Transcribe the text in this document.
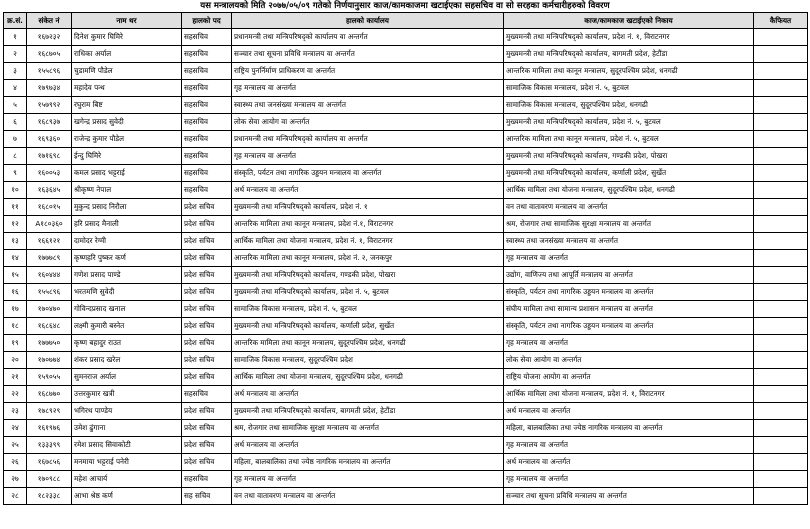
यस मन्त्रालयको मिति २०७७/०५/०९ गतेको निर्णयानुसार काज/कामकाजमा खटाईएका सहसचिव वा सो सरहका कर्मचारीहरुको विवरण
क्र.सं.	संकेत नं	नाम थर	हालको पद	हालको कार्यालय	काज/कामकाज खटाईएको निकाय	कैफियत
१	१६७२३२	दिनेश कुमार घिमिरे	सहसचिव	प्रधानमन्त्री तथा मन्त्रिपरिषद्को कार्यालय वा अन्तर्गत	मुख्यमन्त्री तथा मन्त्रिपरिषद्को कार्यालय, प्रदेश नं. १, विराटनगर	
२	१६८७०५	राधिका अर्याल	सहसचिव	सञ्चार तथा सूचना प्रविधि मन्त्रालय वा अन्तर्गत	मुख्यमन्त्री तथा मन्त्रिपरिषद्को कार्यालय, बागमती प्रदेश, हेटौंडा	
३	१५५८९६	चुडामणि पौडेल	सहसचिव	राष्ट्रिय पुनर्निर्माण प्राधिकरण वा अन्तर्गत	आन्तरिक मामिला तथा कानून मन्त्रालय, सुदूरपश्चिम प्रदेश, धनगढी	
४	१७९७३४	महादेव पन्थ	सहसचिव	गृह मन्त्रालय वा अन्तर्गत	सामाजिक विकास मन्त्रालय, प्रदेश नं. ५, बुटवल	
५	१५७९९२	रघुराम बिष्ट	सहसचिव	स्वास्थ्य तथा जनसंख्या मन्त्रालय वा अन्तर्गत	सामाजिक विकास मन्त्रालय, सुदूरपश्चिम प्रदेश, धनगढी	
६	१६८९३७	खगेन्द्र प्रसाद सुवेदी	सहसचिव	लोक सेवा आयोग वा अन्तर्गत	मुख्यमन्त्री तथा मन्त्रिपरिषद्को कार्यालय, प्रदेश नं. ५, बुटवल	
७	१६९३६०	राजेन्द्र कुमार पौडेल	सहसचिव	प्रधानमन्त्री तथा मन्त्रिपरिषद्को कार्यालय वा अन्तर्गत	आन्तरिक मामिला तथा कानून मन्त्रालय, प्रदेश नं. ५, बुटवल	
८	१७१६९८	ईन्दु घिमिरे	सहसचिव	गृह मन्त्रालय वा अन्तर्गत	मुख्यमन्त्री तथा मन्त्रिपरिषद्को कार्यालय, गण्डकी प्रदेश, पोखरा	
९	१६००५३	कमल प्रसाद भट्टराई	सहसचिव	संस्कृति, पर्यटन तथा नागरिक उड्डयन मन्त्रालय वा अन्तर्गत	मुख्यमन्त्री तथा मन्त्रिपरिषद्को कार्यालय, कर्णाली प्रदेश, सुर्खेत	
१०	१६३६४५	श्रीकृष्ण नेपाल	सहसचिव	अर्थ मन्त्रालय वा अन्तर्गत	आर्थिक मामिला तथा योजना मन्त्रालय, सुदूरपश्चिम प्रदेश, धनगढी	
११	१६८०१५	मुकुन्द प्रसाद निरौला	प्रदेश सचिव	मुख्यमन्त्री तथा मन्त्रिपरिषद्को कार्यालय, प्रदेश नं. १	वन तथा वातावरण मन्त्रालय वा अन्तर्गत	
१२	A१८०३६०	हरि प्रसाद मैनाली	प्रदेश सचिव	आन्तरिक मामिला तथा कानून मन्त्रालय, प्रदेश नं.१, विराटनगर	श्रम, रोजगार तथा सामाजिक सुरक्षा मन्त्रालय वा अन्तर्गत	
१३	१६६१२१	दामोदर रेग्मी	प्रदेश सचिव	आर्थिक मामिला तथा योजना मन्त्रालय, प्रदेश नं. १, विराटनगर	स्वास्थ्य तथा जनसंख्या मन्त्रालय वा अन्तर्गत	
१४	१७७७८९	कृष्णहरि पुष्कर कर्ण	प्रदेश सचिव	आन्तरिक मामिला तथा कानून मन्त्रालय, प्रदेश नं. २, जनकपुर	गृह मन्त्रालय वा अन्तर्गत	
१५	१६०४४४	गणेश प्रसाद पाण्डे	प्रदेश सचिव	मुख्यमन्त्री तथा मन्त्रिपरिषद्को कार्यालय, गण्डकी प्रदेश, पोखरा	उद्योग, वाणिज्य तथा आपूर्ति मन्त्रालय वा अन्तर्गत	
१६	१५५८९६	भरतमणि सुवेदी	प्रदेश सचिव	मुख्यमन्त्री तथा मन्त्रिपरिषद्को कार्यालय, प्रदेश नं. ५, बुटवल	संस्कृति, पर्यटन तथा नागरिक उड्डयन मन्त्रालय वा अन्तर्गत	
१७	१७०४७०	गोविन्दप्रसाद खनाल	प्रदेश सचिव	सामाजिक विकास मन्त्रालय, प्रदेश नं. ५, बुटवल	संघीय मामिला तथा सामान्य प्रशासन मन्त्रालय वा अन्तर्गत	
१८	१६८६४८	लक्ष्मी कुमारी बस्नेत	प्रदेश सचिव	मुख्यमन्त्री तथा मन्त्रिपरिषद्को कार्यालय, कर्णाली प्रदेश, सुर्खेत	संस्कृति, पर्यटन तथा नागरिक उड्डयन मन्त्रालय वा अन्तर्गत	
१९	१७७७५०	कृष्ण बहादुर राउत	प्रदेश सचिव	आन्तरिक मामिला तथा कानून मन्त्रालय, सुदूरपश्चिम प्रदेश, धनगढी	गृह मन्त्रालय वा अन्तर्गत	
२०	१७०७७४	शंकर प्रसाद खरेल	प्रदेश सचिव	सामाजिक विकास मन्त्रालय, सुदूरपश्चिम प्रदेश	लोक सेवा आयोग वा अन्तर्गत	
२१	१५९०५५	सुमनराज अर्याल	प्रदेश सचिव	आर्थिक मामिला तथा योजना मन्त्रालय, सुदूरपश्चिम प्रदेश, धनगढी	राष्ट्रिय योजना आयोग वा अन्तर्गत	
२२	१६८७७०	उत्तरकुमार खत्री	सहसचिव	अर्थ मन्त्रालय वा अन्तर्गत	आर्थिक मामिला तथा योजना मन्त्रालय, प्रदेश नं. १, विराटनगर	
२३	१७८९२९	भगिरथ पाण्डेय	प्रदेश सचिव	मुख्यमन्त्री तथा मन्त्रिपरिषद्को कार्यालय, बागमती प्रदेश, हेटौंडा	अर्थ मन्त्रालय वा अन्तर्गत	
२४	१६१९७६	उमेश ढुंगाना	प्रदेश सचिव	श्रम, रोजगार तथा सामाजिक सुरक्षा मन्त्रालय वा अन्तर्गत	महिला, बालबालिका तथा ज्येष्ठ नागरिक मन्त्रालय वा अन्तर्गत	
२५	१३३३९९	रमेश प्रसाद सिवाकोटी	प्रदेश सचिव	अर्थ मन्त्रालय वा अन्तर्गत	गृह मन्त्रालय वा अन्तर्गत	
२६	१६७८५६	मनमाया भट्टराई पनेरी	प्रदेश सचिव	महिला, बालबालिका तथा ज्येष्ठ नागरिक मन्त्रालय वा अन्तर्गत	अर्थ मन्त्रालय वा अन्तर्गत	
२७	१७०९८८	महेश आचार्य	सहसचिव	गृह मन्त्रालय वा अन्तर्गत	गृह मन्त्रालय वा अन्तर्गत	
२८	१८२३३८	आभा श्रेष्ठ कर्ण	सह सचिव	वन तथा वातावरण मन्त्रालय वा अन्तर्गत	सञ्चार तथा सूचना प्रविधि मन्त्रालय वा अन्तर्गत	
